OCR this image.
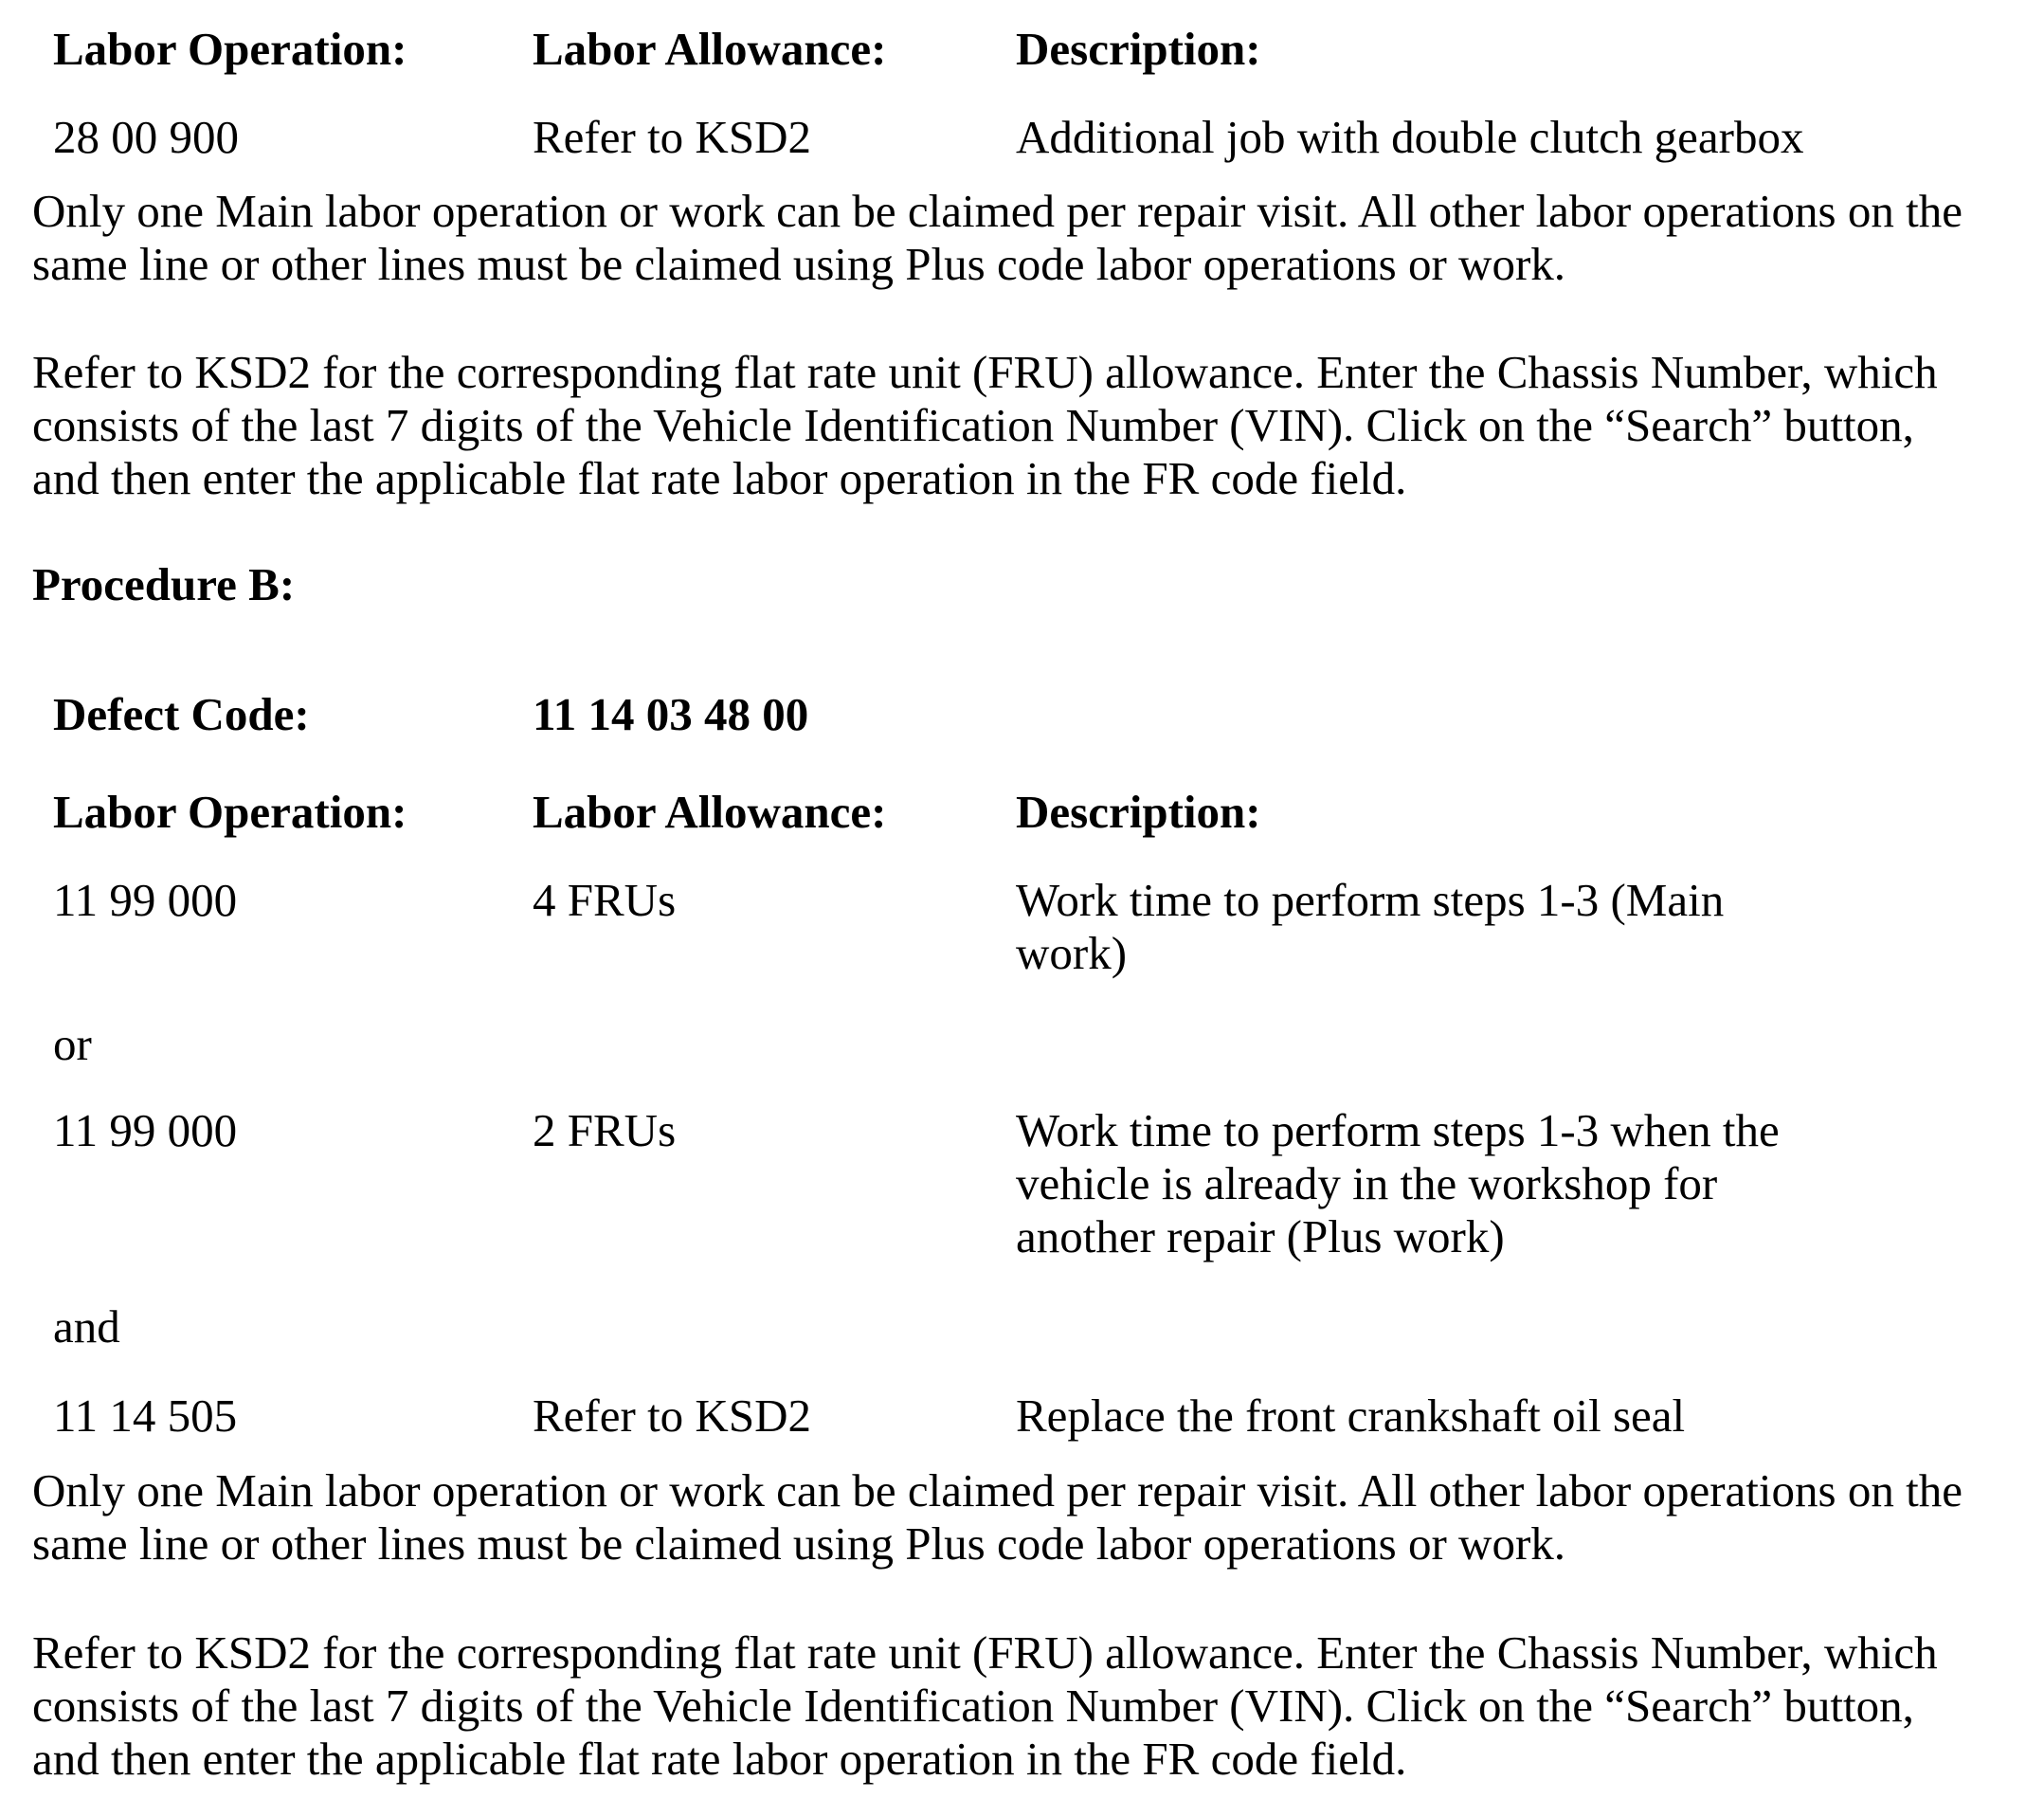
Labor Operation:	Labor Allowance:	Description:
28 00 900	Refer to KSD2	Additional job with double clutch gearbox
Only one Main labor operation or work can be claimed per repair visit. All other labor operations on the
same line or other lines must be claimed using Plus code labor operations or work.
Refer to KSD2 for the corresponding flat rate unit (FRU) allowance. Enter the Chassis Number, which
consists of the last 7 digits of the Vehicle Identification Number (VIN). Click on the “Search” button,
and then enter the applicable flat rate labor operation in the FR code field.
Procedure B:
Defect Code:	11 14 03 48 00
Labor Operation:	Labor Allowance:	Description:
11 99 000	4 FRUs	Work time to perform steps 1-3 (Main
work)
or
11 99 000	2 FRUs	Work time to perform steps 1-3 when the
vehicle is already in the workshop for
another repair (Plus work)
and
11 14 505	Refer to KSD2	Replace the front crankshaft oil seal
Only one Main labor operation or work can be claimed per repair visit. All other labor operations on the
same line or other lines must be claimed using Plus code labor operations or work.
Refer to KSD2 for the corresponding flat rate unit (FRU) allowance. Enter the Chassis Number, which
consists of the last 7 digits of the Vehicle Identification Number (VIN). Click on the “Search” button,
and then enter the applicable flat rate labor operation in the FR code field.
